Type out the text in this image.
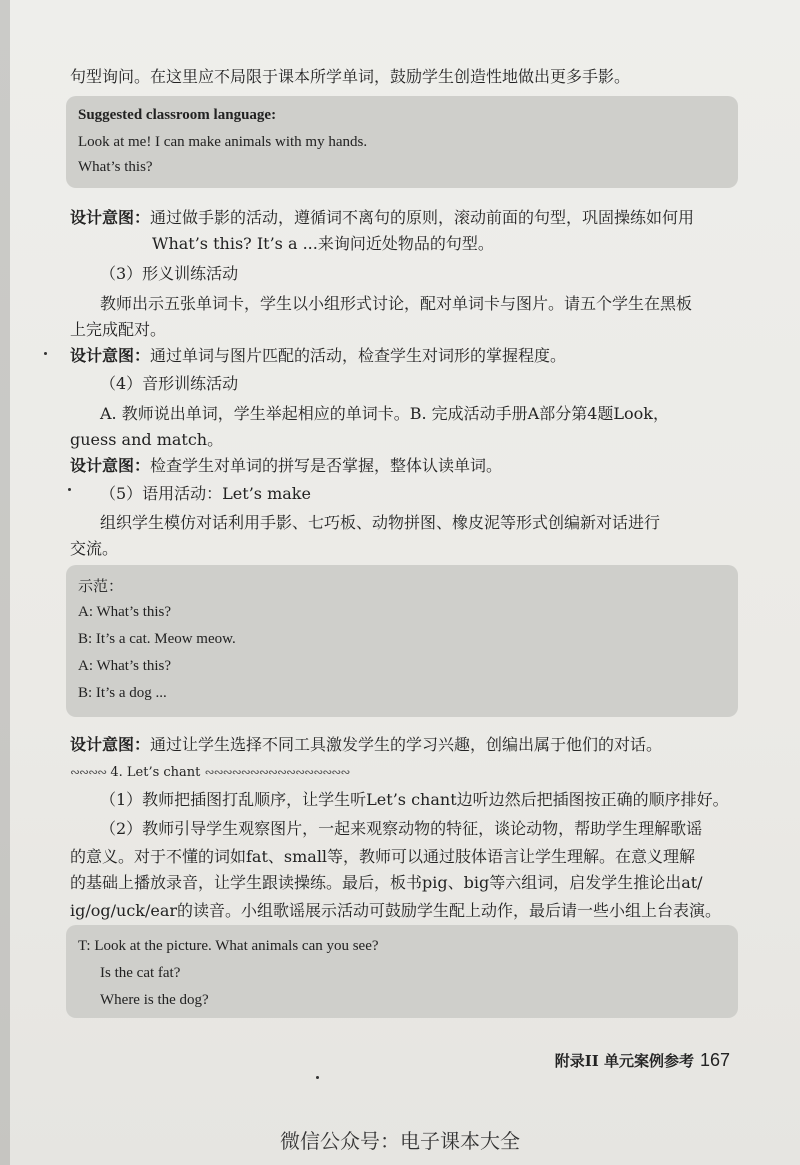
句型询问。在这里应不局限于课本所学单词，鼓励学生创造性地做出更多手影。
Suggested classroom language:
Look at me! I can make animals with my hands.
What’s this?
设计意图：通过做手影的活动，遵循词不离句的原则，滚动前面的句型，巩固操练如何用
What’s this? It’s a ...来询问近处物品的句型。
（3）形义训练活动
教师出示五张单词卡，学生以小组形式讨论，配对单词卡与图片。请五个学生在黑板
上完成配对。
设计意图：通过单词与图片匹配的活动，检查学生对词形的掌握程度。
（4）音形训练活动
A. 教师说出单词，学生举起相应的单词卡。B. 完成活动手册A部分第4题Look，
guess and match。
设计意图：检查学生对单词的拼写是否掌握，整体认读单词。
（5）语用活动：Let’s make
组织学生模仿对话利用手影、七巧板、动物拼图、橡皮泥等形式创编新对话进行
交流。
示范：
A: What’s this?
B: It’s a cat. Meow meow.
A: What’s this?
B: It’s a dog ...
设计意图：通过让学生选择不同工具激发学生的学习兴趣，创编出属于他们的对话。
∾∾∾∾ 4. Let’s chant ∾∾∾∾∾∾∾∾∾∾∾∾∾∾∾∾
（1）教师把插图打乱顺序，让学生听Let’s chant边听边然后把插图按正确的顺序排好。
（2）教师引导学生观察图片，一起来观察动物的特征，谈论动物，帮助学生理解歌谣
的意义。对于不懂的词如fat、small等，教师可以通过肢体语言让学生理解。在意义理解
的基础上播放录音，让学生跟读操练。最后，板书pig、big等六组词，启发学生推论出at/
ig/og/uck/ear的读音。小组歌谣展示活动可鼓励学生配上动作，最后请一些小组上台表演。
T: Look at the picture. What animals can you see?
Is the cat fat?
Where is the dog?
附录II 单元案例参考 167
微信公众号：电子课本大全
